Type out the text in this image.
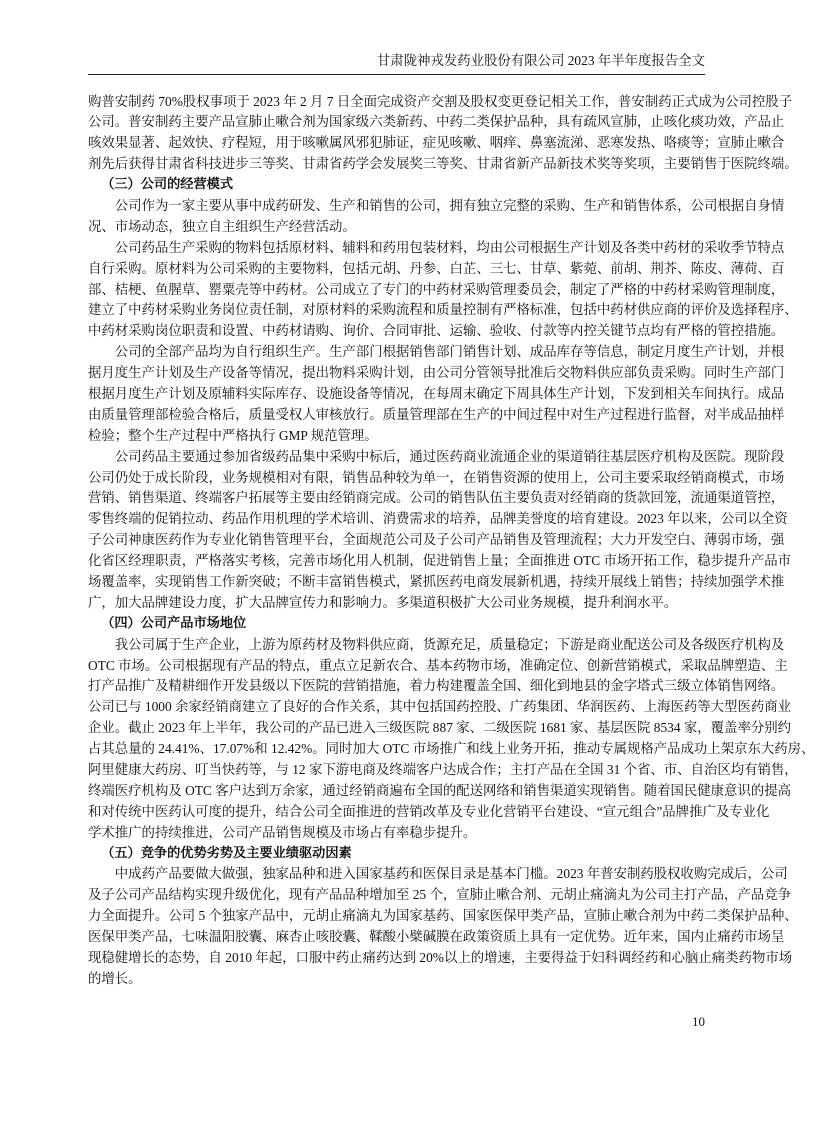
甘肃陇神戎发药业股份有限公司 2023 年半年度报告全文
购普安制药 70%股权事项于 2023 年 2 月 7 日全面完成资产交割及股权变更登记相关工作，普安制药正式成为公司控股子
公司。普安制药主要产品宣肺止嗽合剂为国家级六类新药、中药二类保护品种，具有疏风宣肺，止咳化痰功效，产品止
咳效果显著、起效快、疗程短，用于咳嗽属风邪犯肺证，症见咳嗽、咽痒、鼻塞流涕、恶寒发热、咯痰等；宣肺止嗽合
剂先后获得甘肃省科技进步三等奖、甘肃省药学会发展奖三等奖、甘肃省新产品新技术奖等奖项，主要销售于医院终端。
（三）公司的经营模式
公司作为一家主要从事中成药研发、生产和销售的公司，拥有独立完整的采购、生产和销售体系，公司根据自身情
况、市场动态，独立自主组织生产经营活动。
公司药品生产采购的物料包括原材料、辅料和药用包装材料，均由公司根据生产计划及各类中药材的采收季节特点
自行采购。原材料为公司采购的主要物料，包括元胡、丹参、白芷、三七、甘草、紫菀、前胡、荆芥、陈皮、薄荷、百
部、桔梗、鱼腥草、罂粟壳等中药材。公司成立了专门的中药材采购管理委员会，制定了严格的中药材采购管理制度，
建立了中药材采购业务岗位责任制，对原材料的采购流程和质量控制有严格标准，包括中药材供应商的评价及选择程序、
中药材采购岗位职责和设置、中药材请购、询价、合同审批、运输、验收、付款等内控关键节点均有严格的管控措施。
公司的全部产品均为自行组织生产。生产部门根据销售部门销售计划、成品库存等信息，制定月度生产计划，并根
据月度生产计划及生产设备等情况，提出物料采购计划，由公司分管领导批准后交物料供应部负责采购。同时生产部门
根据月度生产计划及原辅料实际库存、设施设备等情况，在每周末确定下周具体生产计划，下发到相关车间执行。成品
由质量管理部检验合格后，质量受权人审核放行。质量管理部在生产的中间过程中对生产过程进行监督，对半成品抽样
检验；整个生产过程中严格执行 GMP 规范管理。
公司药品主要通过参加省级药品集中采购中标后，通过医药商业流通企业的渠道销往基层医疗机构及医院。现阶段
公司仍处于成长阶段，业务规模相对有限，销售品种较为单一，在销售资源的使用上，公司主要采取经销商模式，市场
营销、销售渠道、终端客户拓展等主要由经销商完成。公司的销售队伍主要负责对经销商的货款回笼，流通渠道管控，
零售终端的促销拉动、药品作用机理的学术培训、消费需求的培养，品牌美誉度的培育建设。2023 年以来，公司以全资
子公司神康医药作为专业化销售管理平台，全面规范公司及子公司产品销售及管理流程；大力开发空白、薄弱市场，强
化省区经理职责，严格落实考核，完善市场化用人机制，促进销售上量；全面推进 OTC 市场开拓工作，稳步提升产品市
场覆盖率，实现销售工作新突破；不断丰富销售模式，紧抓医药电商发展新机遇，持续开展线上销售；持续加强学术推
广，加大品牌建设力度，扩大品牌宣传力和影响力。多渠道积极扩大公司业务规模，提升利润水平。
（四）公司产品市场地位
我公司属于生产企业，上游为原药材及物料供应商，货源充足，质量稳定；下游是商业配送公司及各级医疗机构及
OTC 市场。公司根据现有产品的特点，重点立足新农合、基本药物市场，准确定位、创新营销模式，采取品牌塑造、主
打产品推广及精耕细作开发县级以下医院的营销措施，着力构建覆盖全国、细化到地县的金字塔式三级立体销售网络。
公司已与 1000 余家经销商建立了良好的合作关系，其中包括国药控股、广药集团、华润医药、上海医药等大型医药商业
企业。截止 2023 年上半年，我公司的产品已进入三级医院 887 家、二级医院 1681 家、基层医院 8534 家，覆盖率分别约
占其总量的 24.41%、17.07%和 12.42%。同时加大 OTC 市场推广和线上业务开拓，推动专属规格产品成功上架京东大药房、
阿里健康大药房、叮当快药等，与 12 家下游电商及终端客户达成合作；主打产品在全国 31 个省、市、自治区均有销售，
终端医疗机构及 OTC 客户达到万余家，通过经销商遍布全国的配送网络和销售渠道实现销售。随着国民健康意识的提高
和对传统中医药认可度的提升，结合公司全面推进的营销改革及专业化营销平台建设、“宣元组合”品牌推广及专业化
学术推广的持续推进，公司产品销售规模及市场占有率稳步提升。
（五）竞争的优势劣势及主要业绩驱动因素
中成药产品要做大做强，独家品种和进入国家基药和医保目录是基本门槛。2023 年普安制药股权收购完成后，公司
及子公司产品结构实现升级优化，现有产品品种增加至 25 个，宣肺止嗽合剂、元胡止痛滴丸为公司主打产品，产品竞争
力全面提升。公司 5 个独家产品中，元胡止痛滴丸为国家基药、国家医保甲类产品，宣肺止嗽合剂为中药二类保护品种、
医保甲类产品，七味温阳胶囊、麻杏止咳胶囊、鞣酸小檗碱膜在政策资质上具有一定优势。近年来，国内止痛药市场呈
现稳健增长的态势，自 2010 年起，口服中药止痛药达到 20%以上的增速，主要得益于妇科调经药和心脑止痛类药物市场
的增长。
10
